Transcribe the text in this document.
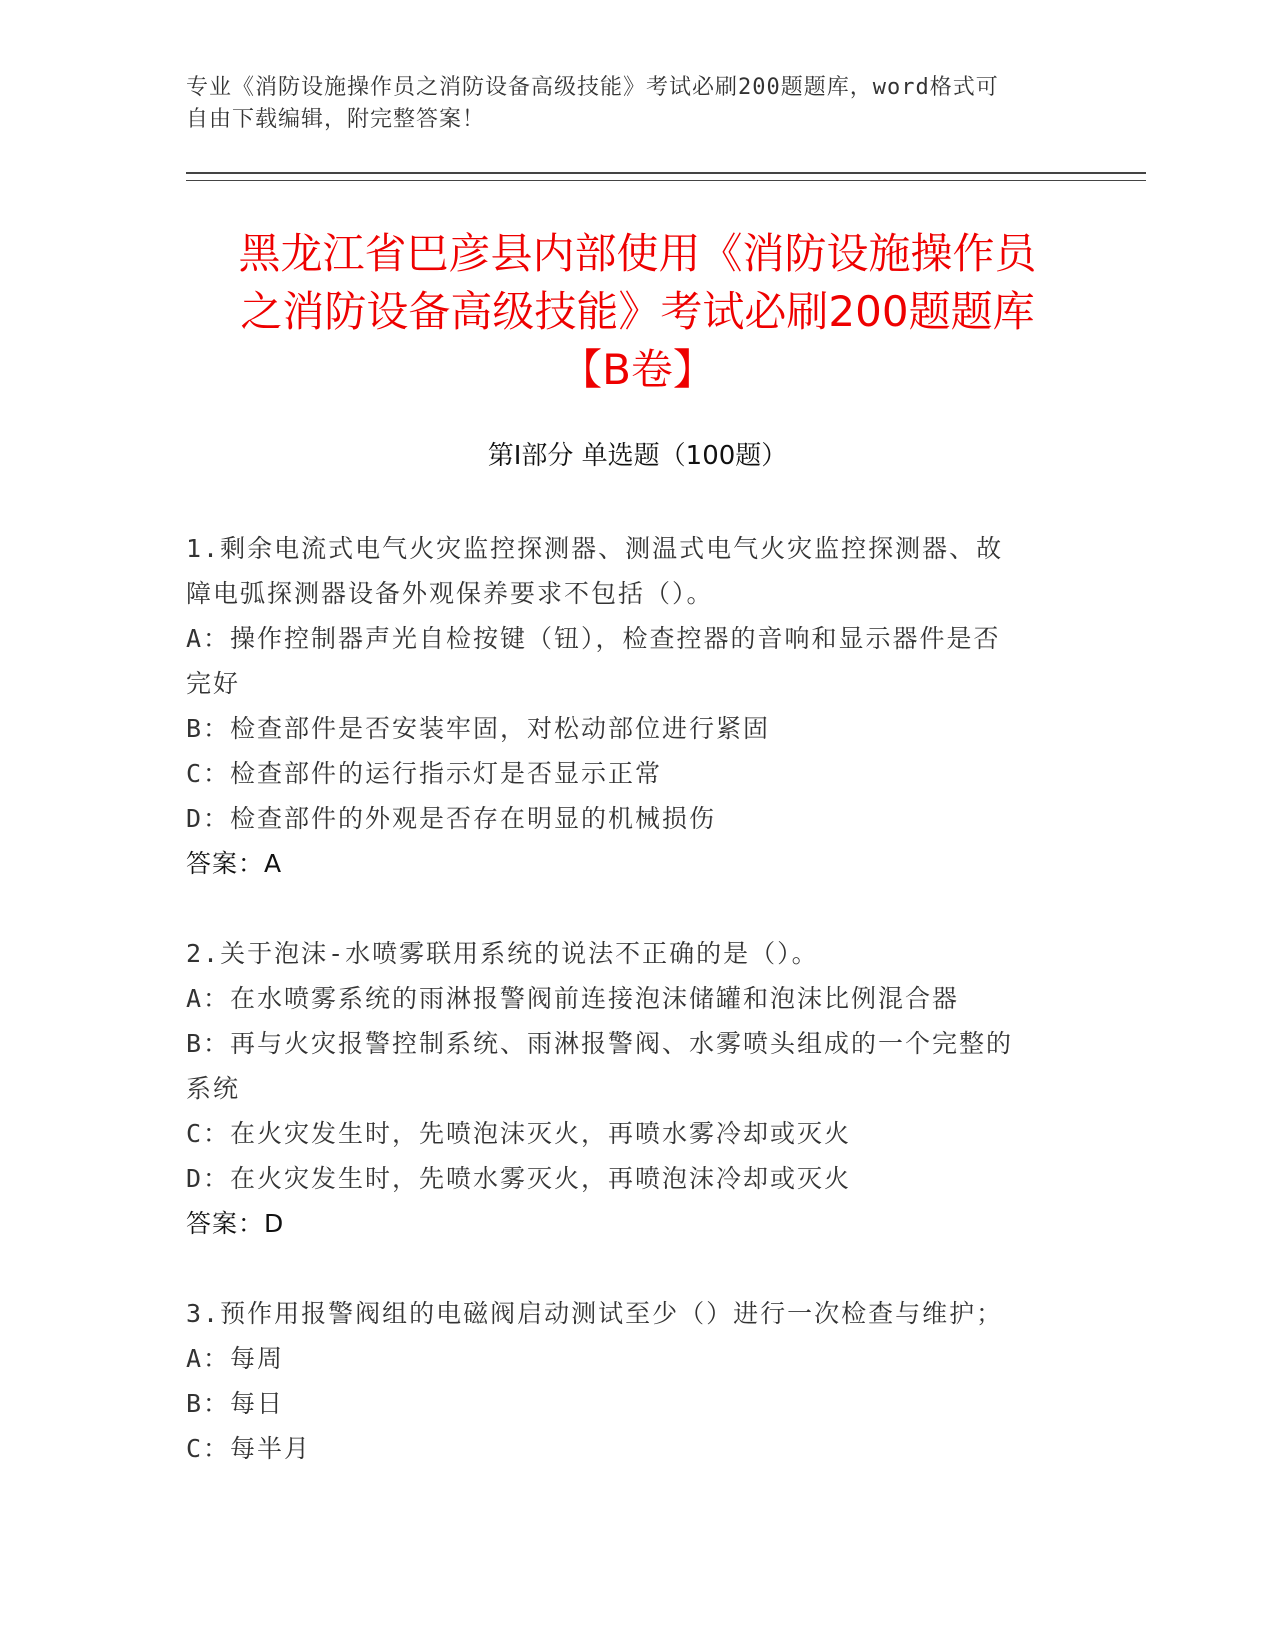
专业《消防设施操作员之消防设备高级技能》考试必刷200题题库，word格式可
自由下载编辑，附完整答案！
黑龙江省巴彦县内部使用《消防设施操作员
之消防设备高级技能》考试必刷200题题库
【B卷】
第Ⅰ部分 单选题（100题）
1.剩余电流式电气火灾监控探测器、测温式电气火灾监控探测器、故
障电弧探测器设备外观保养要求不包括（）。
A：操作控制器声光自检按键（钮），检查控器的音响和显示器件是否
完好
B：检查部件是否安装牢固，对松动部位进行紧固
C：检查部件的运行指示灯是否显示正常
D：检查部件的外观是否存在明显的机械损伤
答案：A
2.关于泡沫-水喷雾联用系统的说法不正确的是（）。
A：在水喷雾系统的雨淋报警阀前连接泡沫储罐和泡沫比例混合器
B：再与火灾报警控制系统、雨淋报警阀、水雾喷头组成的一个完整的
系统
C：在火灾发生时，先喷泡沫灭火，再喷水雾冷却或灭火
D：在火灾发生时，先喷水雾灭火，再喷泡沫冷却或灭火
答案：D
3.预作用报警阀组的电磁阀启动测试至少（）进行一次检查与维护；
A：每周
B：每日
C：每半月
